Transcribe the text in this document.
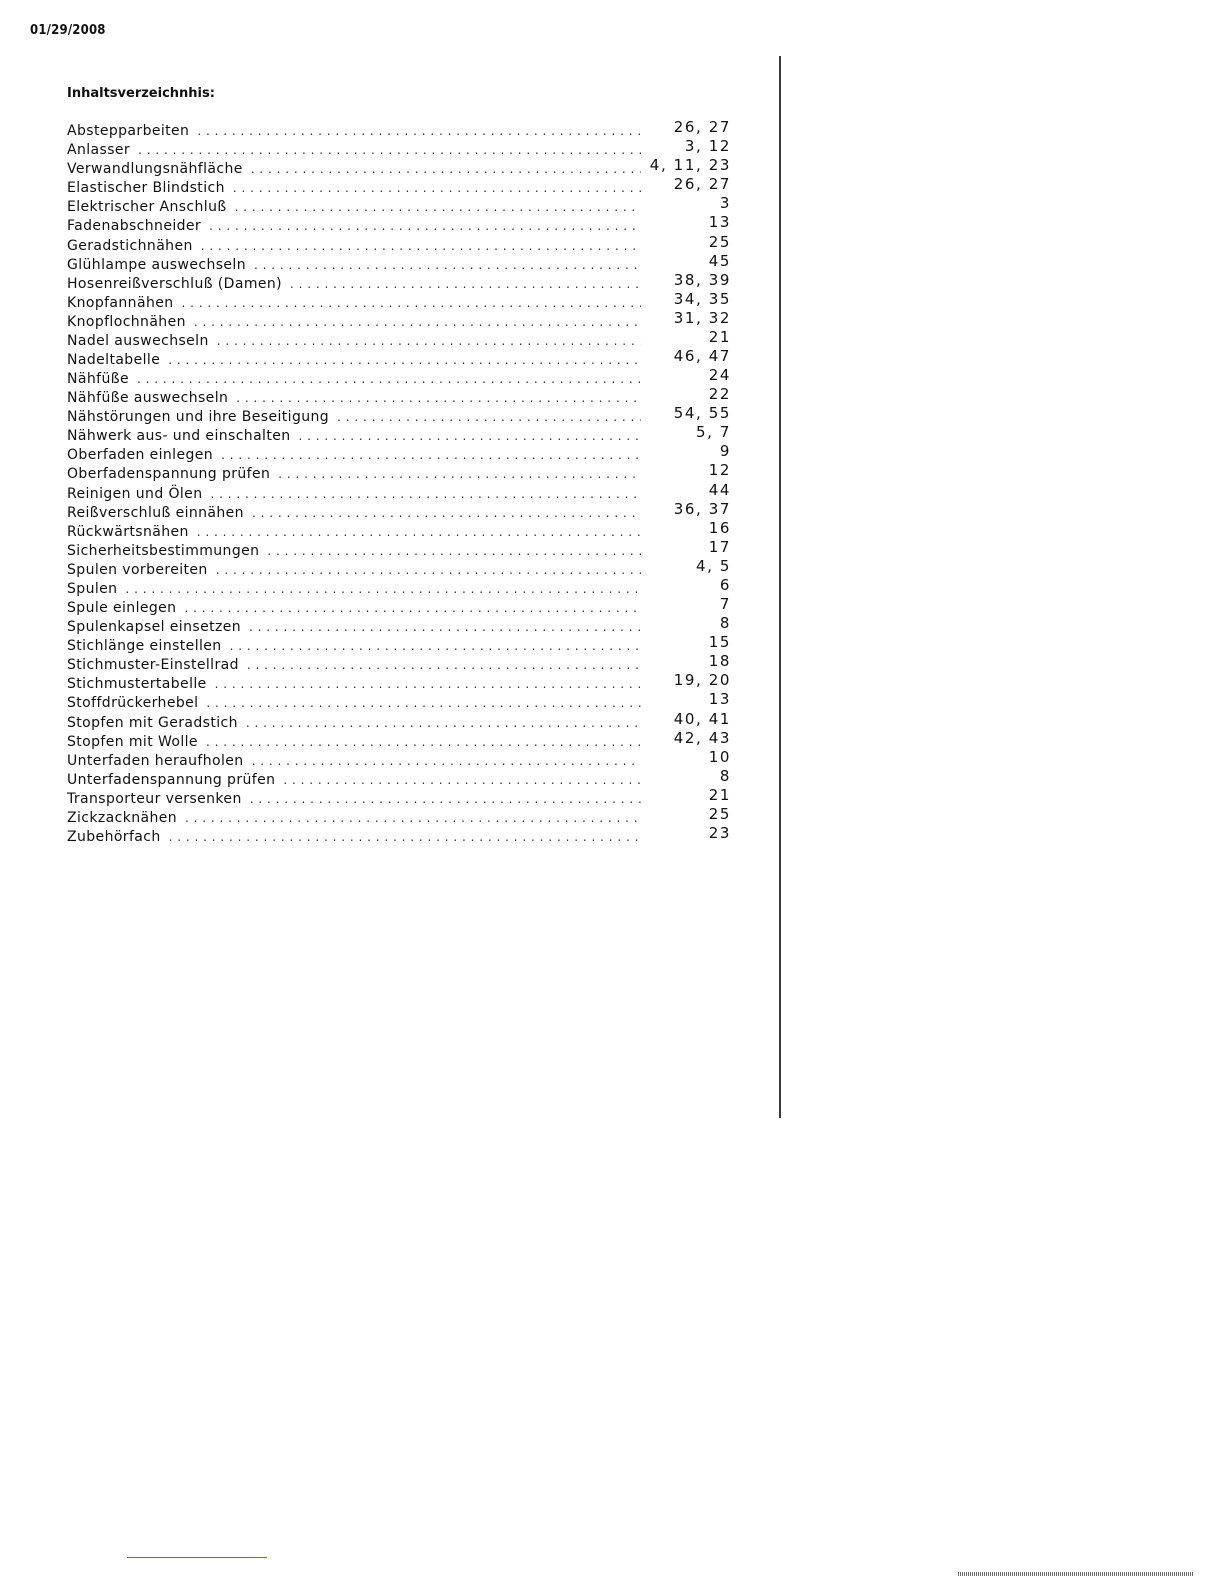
01/29/2008
Inhaltsverzeichnhis:
Abstepparbeiten . . .	26, 27
Anlasser . . .	3, 12
Verwandlungsnähfläche . . .	4, 11, 23
Elastischer Blindstich . . .	26, 27
Elektrischer Anschluß . . .	3
Fadenabschneider . . .	13
Geradstichnähen . . .	25
Glühlampe auswechseln . . .	45
Hosenreißverschluß (Damen) . . .	38, 39
Knopfannähen . . .	34, 35
Knopflochnähen . . .	31, 32
Nadel auswechseln . . .	21
Nadeltabelle . . .	46, 47
Nähfüße . . .	24
Nähfüße auswechseln . . .	22
Nähstörungen und ihre Beseitigung . . .	54, 55
Nähwerk aus- und einschalten . . .	5, 7
Oberfaden einlegen . . .	9
Oberfadenspannung prüfen . . .	12
Reinigen und Ölen . . .	44
Reißverschluß einnähen . . .	36, 37
Rückwärtsnähen . . .	16
Sicherheitsbestimmungen . . .	17
Spulen vorbereiten . . .	4, 5
Spulen . . .	6
Spule einlegen . . .	7
Spulenkapsel einsetzen . . .	8
Stichlänge einstellen . . .	15
Stichmuster-Einstellrad . . .	18
Stichmustertabelle . . .	19, 20
Stoffdrückerhebel . . .	13
Stopfen mit Geradstich . . .	40, 41
Stopfen mit Wolle . . .	42, 43
Unterfaden heraufholen . . .	10
Unterfadenspannung prüfen . . .	8
Transporteur versenken . . .	21
Zickzacknähen . . .	25
Zubehörfach . . .	23
